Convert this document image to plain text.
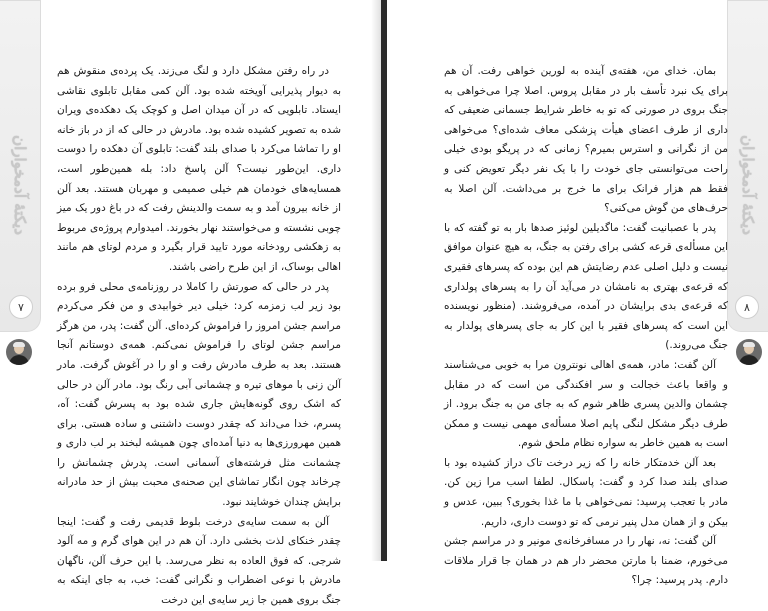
دیکتهٔ آدمخواران
۷

در راه رفتن مشکل دارد و لنگ می‌زند. یک پرده‌ی منقوش هم به دیوار پذیرایی آویخته شده بود. آلن کمی مقابل تابلوی نقاشی ایستاد. تابلویی که در آن میدان اصل و کوچک یک دهکده‌ی ویران شده به تصویر کشیده شده بود. مادرش در حالی که از در باز خانه او را تماشا می‌کرد با صدای بلند گفت: تابلوی آن دهکده را دوست داری. این‌طور نیست؟ آلن پاسخ داد: بله همین‌طور است، همسایه‌های خودمان هم خیلی صمیمی و مهربان هستند. بعد آلن از خانه بیرون آمد و به سمت والدینش رفت که در باغ دور یک میز چوبی نشسته و می‌خواستند نهار بخورند. امیدوارم پروژه‌ی مربوط به زهکشی رودخانه مورد تایید قرار بگیرد و مردم لوتای هم مانند اهالی بوساک، از این طرح راضی باشند.

پدر در حالی که صورتش را کاملا در روزنامه‌ی محلی فرو برده بود زیر لب زمزمه کرد: خیلی دیر خوابیدی و من فکر می‌کردم مراسم جشن امروز را فراموش کرده‌ای. آلن گفت: پدر، من هرگز مراسم جشن لوتای را فراموش نمی‌کنم. همه‌ی دوستانم آنجا هستند. بعد به طرف مادرش رفت و او را در آغوش گرفت. مادر آلن زنی با موهای تیره و چشمانی آبی رنگ بود. مادر آلن در حالی که اشک روی گونه‌هایش جاری شده بود به پسرش گفت: آه، پسرم، خدا می‌داند که چقدر دوست داشتنی و ساده هستی. برای همین مهرورزی‌ها به دنیا آمده‌ای چون همیشه لبخند بر لب داری و چشمانت مثل فرشته‌های آسمانی است. پدرش چشمانش را چرخاند چون انگار تماشای این صحنه‌ی محبت بیش از حد مادرانه برایش چندان خوشایند نبود.

آلن به سمت سایه‌ی درخت بلوط قدیمی رفت و گفت: اینجا چقدر خنکای لذت بخشی دارد. آن هم در این هوای گرم و مه آلود شرجی. که فوق العاده به نظر می‌رسد. با این حرف آلن، ناگهان مادرش با نوعی اضطراب و نگرانی گفت: خب، به جای اینکه به جنگ بروی همین جا زیر سایه‌ی این درخت

دیکتهٔ آدمخواران
۸

بمان. خدای من، هفته‌ی آینده به لورین خواهی رفت. آن هم برای یک نبرد تأسف بار در مقابل پروس. اصلا چرا می‌خواهی به جنگ بروی در صورتی که تو به خاطر شرایط جسمانی ضعیفی که داری از طرف اعضای هیأت پزشکی معاف شده‌ای؟ می‌خواهی من از نگرانی و استرس بمیرم؟ زمانی که در پریگو بودی خیلی راحت می‌توانستی جای خودت را با یک نفر دیگر تعویض کنی و فقط هم هزار فرانک برای ما خرج بر می‌داشت. آلن اصلا به حرف‌های من گوش می‌کنی؟

پدر با عصبانیت گفت: ماگدیلین لوئیز صدها بار به تو گفته که با این مسأله‌ی قرعه کشی برای رفتن به جنگ، به هیچ عنوان موافق نیست و دلیل اصلی عدم رضایتش هم این بوده که پسرهای فقیری که قرعه‌ی بهتری به نامشان در می‌آید آن را به پسرهای پولداری که قرعه‌ی بدی برایشان در آمده، می‌فروشند. (منظور نویسنده این است که پسرهای فقیر با این کار به جای پسرهای پولدار به جنگ می‌روند.)

آلن گفت: مادر، همه‌ی اهالی نونترون مرا به خوبی می‌شناسند و واقعا باعث خجالت و سر افکندگی من است که در مقابل چشمان والدین پسری ظاهر شوم که به جای من به جنگ برود. از طرف دیگر مشکل لنگی پایم اصلا مسأله‌ی مهمی نیست و ممکن است به همین خاطر به سواره نظام ملحق شوم.

بعد آلن خدمتکار خانه را که زیر درخت تاک دراز کشیده بود با صدای بلند صدا کرد و گفت: پاسکال. لطفا اسب مرا زین کن. مادر با تعجب پرسید: نمی‌خواهی با ما غذا بخوری؟ ببین، عدس و بیکن و از همان مدل پنیر نرمی که تو دوست داری، داریم.

آلن گفت: نه، نهار را در مسافرخانه‌ی مونیر و در مراسم جشن می‌خورم، ضمنا با مارتن محضر دار هم در همان جا قرار ملاقات دارم. پدر پرسید: چرا؟
